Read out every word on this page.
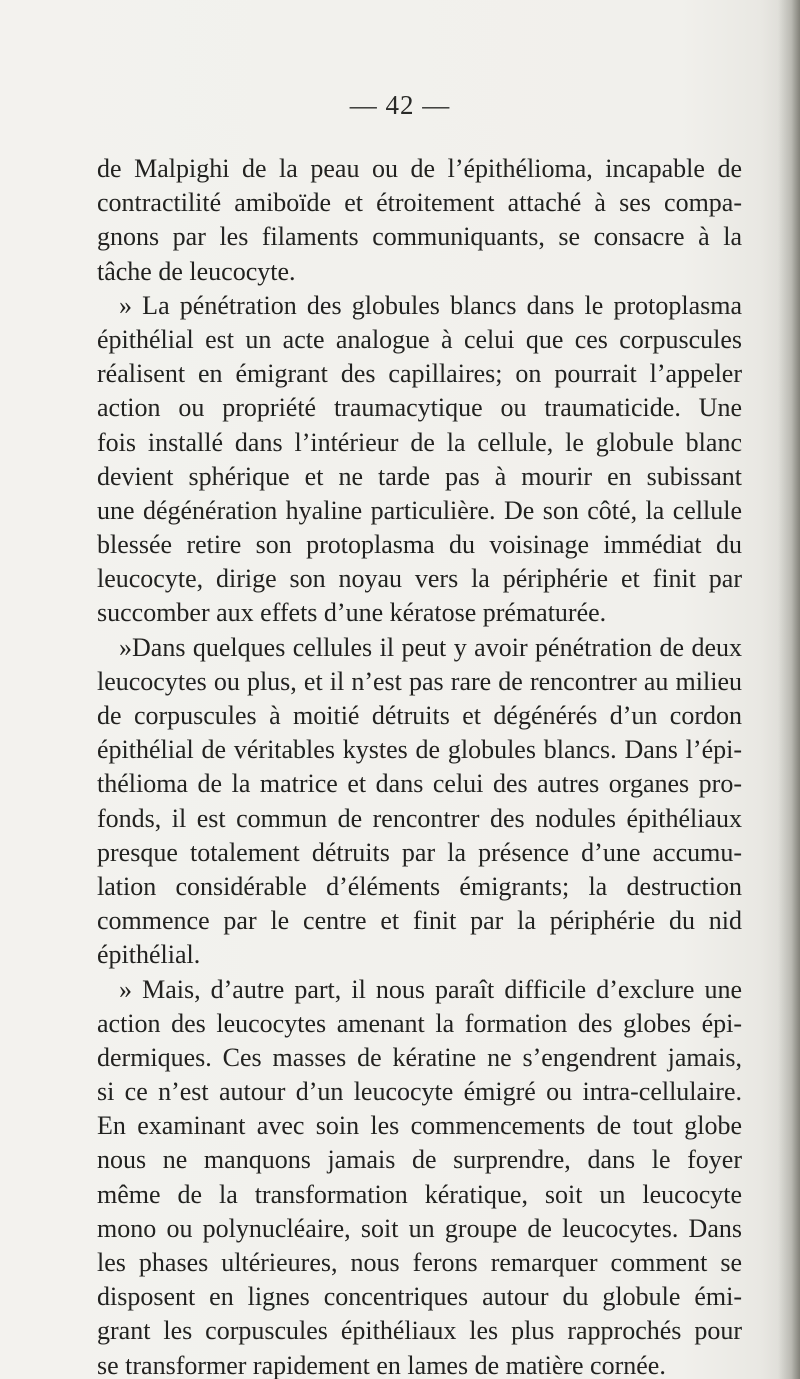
— 42 —

de Malpighi de la peau ou de l’épithélioma, incapable de
contractilité amiboïde et étroitement attaché à ses compa-
gnons par les filaments communiquants, se consacre à la
tâche de leucocyte.
» La pénétration des globules blancs dans le protoplasma
épithélial est un acte analogue à celui que ces corpuscules
réalisent en émigrant des capillaires; on pourrait l’appeler
action ou propriété traumacytique ou traumaticide. Une
fois installé dans l’intérieur de la cellule, le globule blanc
devient sphérique et ne tarde pas à mourir en subissant
une dégénération hyaline particulière. De son côté, la cellule
blessée retire son protoplasma du voisinage immédiat du
leucocyte, dirige son noyau vers la périphérie et finit par
succomber aux effets d’une kératose prématurée.
»Dans quelques cellules il peut y avoir pénétration de deux
leucocytes ou plus, et il n’est pas rare de rencontrer au milieu
de corpuscules à moitié détruits et dégénérés d’un cordon
épithélial de véritables kystes de globules blancs. Dans l’épi-
thélioma de la matrice et dans celui des autres organes pro-
fonds, il est commun de rencontrer des nodules épithéliaux
presque totalement détruits par la présence d’une accumu-
lation considérable d’éléments émigrants; la destruction
commence par le centre et finit par la périphérie du nid
épithélial.
» Mais, d’autre part, il nous paraît difficile d’exclure une
action des leucocytes amenant la formation des globes épi-
dermiques. Ces masses de kératine ne s’engendrent jamais,
si ce n’est autour d’un leucocyte émigré ou intra-cellulaire.
En examinant avec soin les commencements de tout globe
nous ne manquons jamais de surprendre, dans le foyer
même de la transformation kératique, soit un leucocyte
mono ou polynucléaire, soit un groupe de leucocytes. Dans
les phases ultérieures, nous ferons remarquer comment se
disposent en lignes concentriques autour du globule émi-
grant les corpuscules épithéliaux les plus rapprochés pour
se transformer rapidement en lames de matière cornée.
